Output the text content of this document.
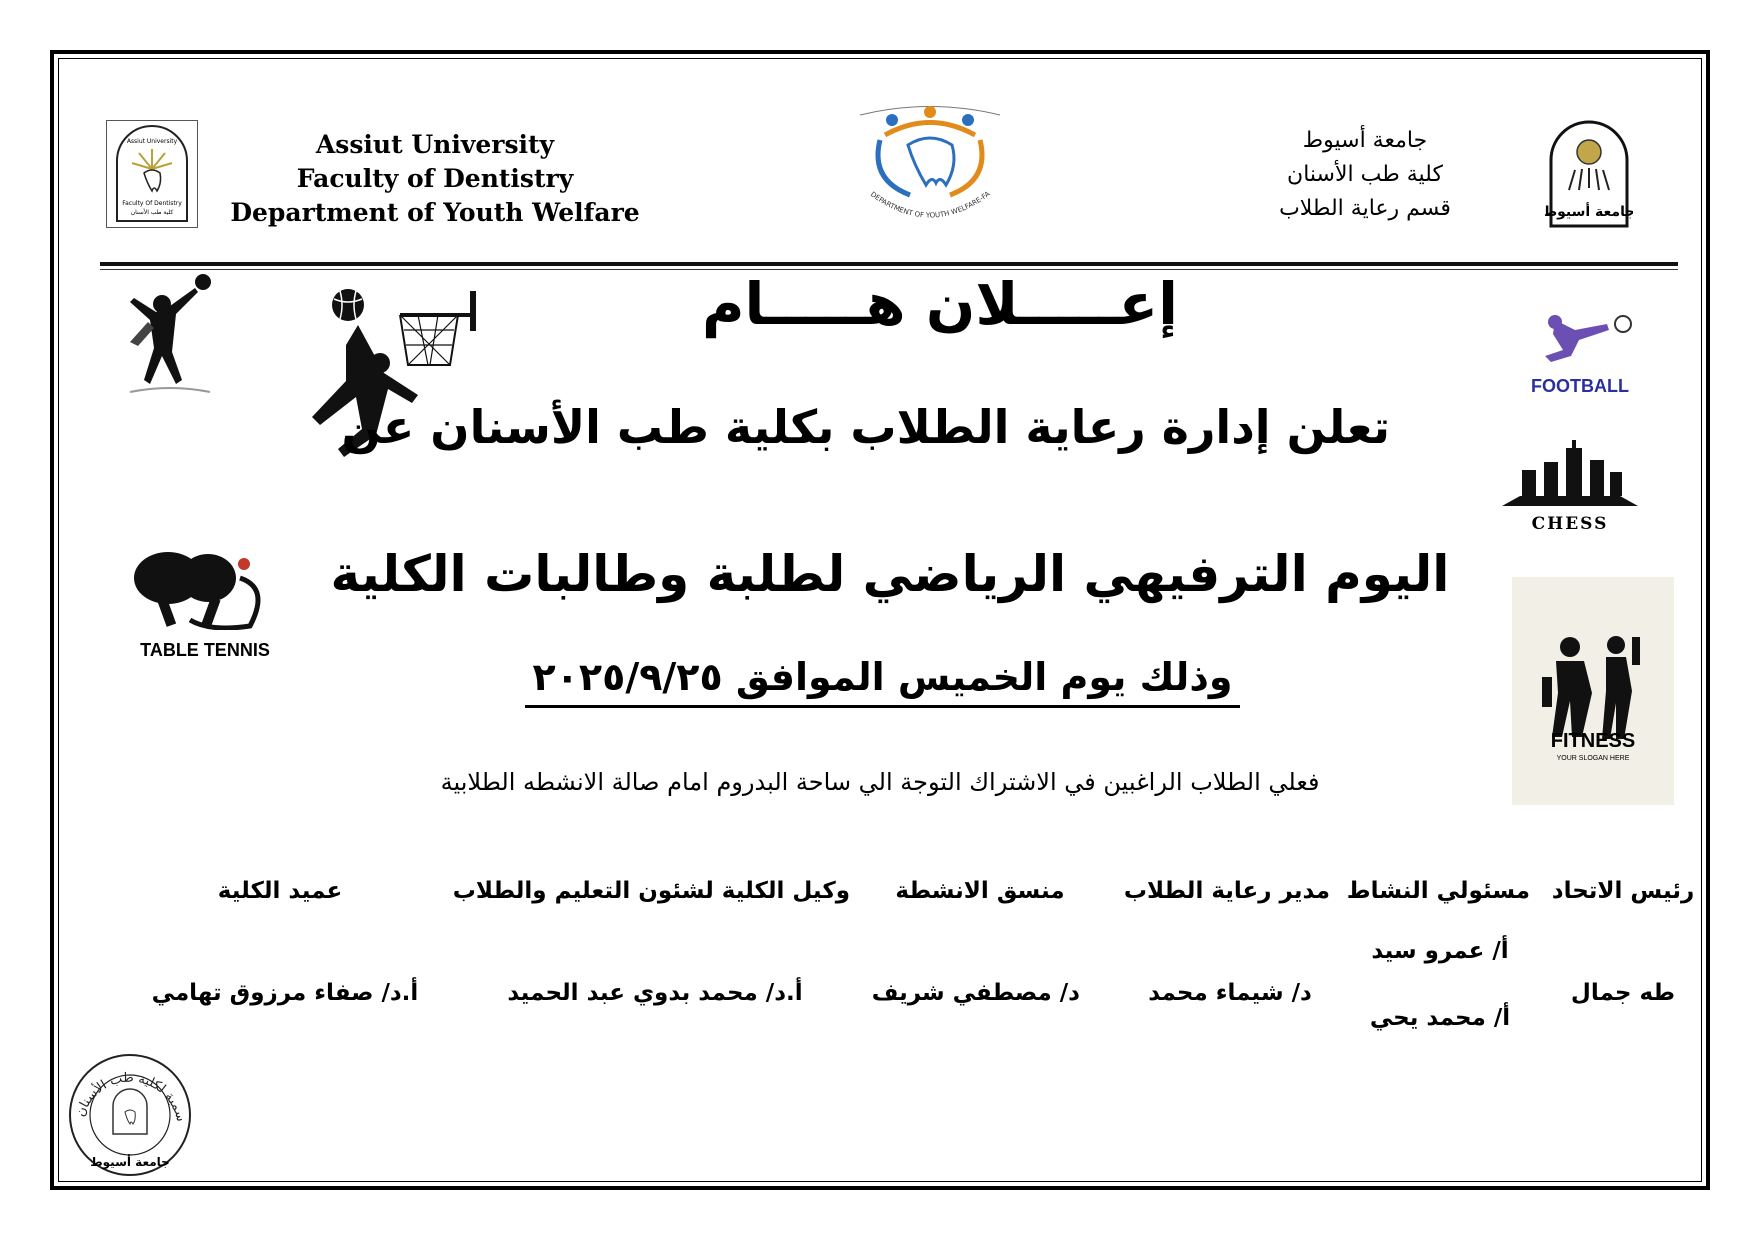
Faculty Of Dentistry
كلية طب الأسنان
Assiut University	Assiut University
Faculty of Dentistry
Department of Youth Welfare
DEPARTMENT OF YOUTH WELFARE-FA
جامعة أسيوط
كلية طب الأسنان
قسم رعاية الطلاب	جامعة أسيوط
إعـــــلان هـــــام
تعلن إدارة رعاية الطلاب بكلية طب الأسنان عن
FOOTBALL
CHESS
TABLE TENNIS
اليوم الترفيهي الرياضي لطلبة وطالبات الكلية
FITNESS
YOUR SLOGAN HERE
وذلك يوم الخميس الموافق ٢٠٢٥/٩/٢٥
فعلي الطلاب الراغبين في الاشتراك التوجة الي ساحة البدروم امام صالة الانشطه الطلابية
رئيس الاتحاد
مسئولي النشاط
مدير رعاية الطلاب
منسق الانشطة
وكيل الكلية لشئون التعليم والطلاب
عميد الكلية
طه جمال
أ/ عمرو سيد
أ/ محمد يحي
د/ شيماء محمد
د/ مصطفي شريف
أ.د/ محمد بدوي عبد الحميد
أ.د/ صفاء مرزوق تهامي
سمية لكلية طب الأسنان
جامعة أسيوط
